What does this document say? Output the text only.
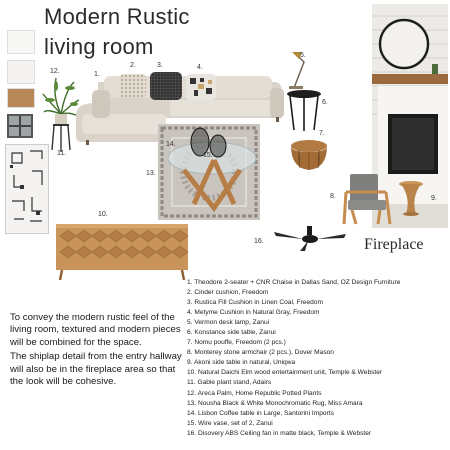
Modern Rustic
living room
1.
2.	3.	4.
5.
6.
7.
8.	9.
10.
11.
12.
13.
14.
15.
16.	Fireplace

To convey the modern rustic feel of the living room, textured and modern pieces will be combined for the space.

The shiplap detail from the entry hallway will also be in the fireplace area so that the look will be cohesive.

1. Theodore 2-seater + CNR Chaise in Dallas Sand, OZ Design Furniture
2. Cinder cushion, Freedom
3. Rustica Fill Cushion in Linen Coal, Freedom
4. Metyme Cushion in Natural Gray, Freedom
5. Vermon desk lamp, Zanui
6. Konstance side table, Zanui
7. Nomu pouffe, Freedom (2 pcs.)
8. Monterey stone armchair (2 pcs.), Dover Mason
9. Akoni side table in natural, Uniqwa
10. Natural Daichi Elm wood entertainment unit, Temple & Webster
11. Gable plant stand, Adairs
12. Areca Palm, Home Republic Potted Plants
13. Nousha Black & White Monochromatic Rug, Miss Amara
14. Lisbon Coffee table in Large, Santorini Imports
15. Wire vase, set of 2, Zanui
16. Disovery ABS Ceiling fan in matte black, Temple & Webster
